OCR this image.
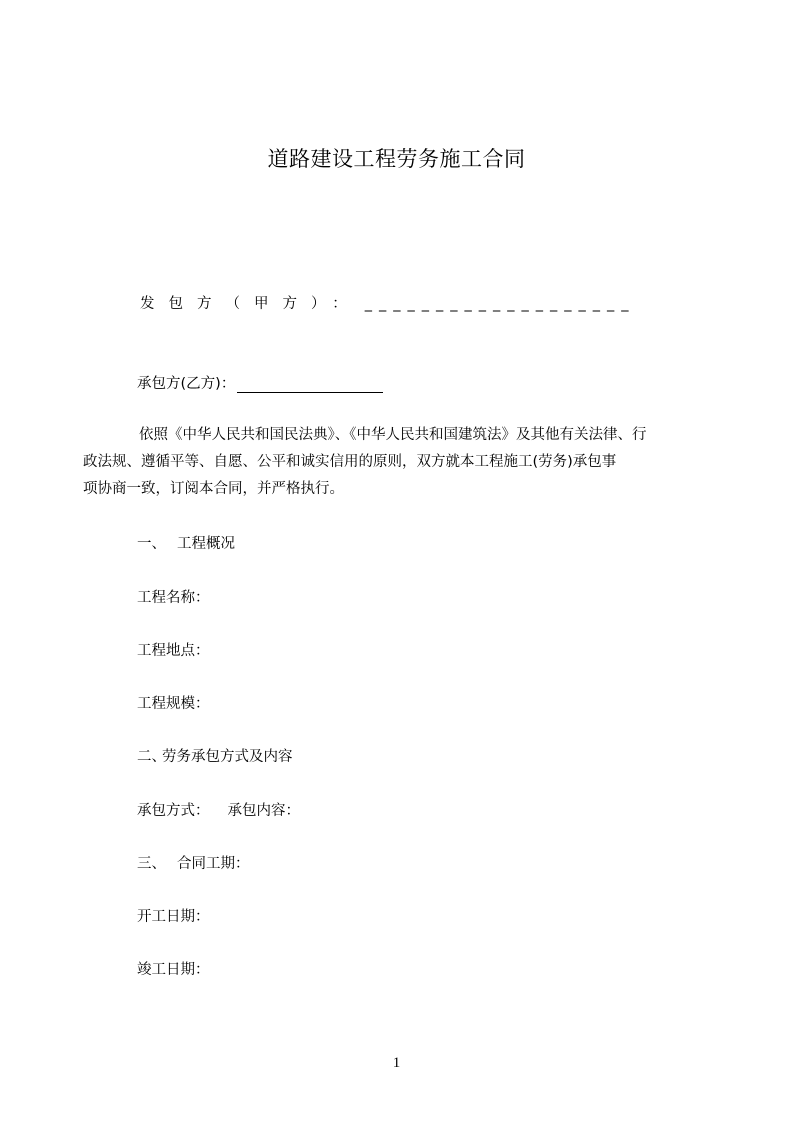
道路建设工程劳务施工合同
发包方（甲方）： ___________________
承包方(乙方)：
依照《中华人民共和国民法典》、《中华人民共和国建筑法》及其他有关法律、行
政法规、遵循平等、自愿、公平和诚实信用的原则，双方就本工程施工(劳务)承包事
项协商一致，订阅本合同，并严格执行。
一、 工程概况
工程名称：
工程地点：
工程规模：
二、劳务承包方式及内容
承包方式： 承包内容：
三、 合同工期：
开工日期：
竣工日期：
1
